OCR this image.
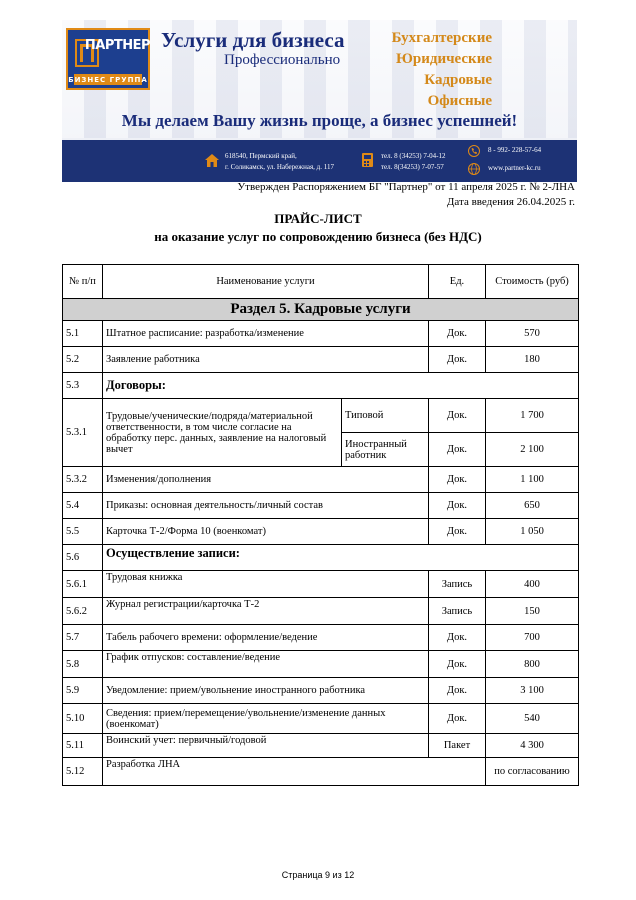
ПАРТНЕР
БИЗНЕС ГРУППА
Услуги для бизнеса
Профессионально
Бухгалтерские
Юридические
Кадровые
Офисные
Мы делаем Вашу жизнь проще, а бизнес успешней!
618540, Пермский край,
г. Соликамск, ул. Набережная, д. 117
тел. 8 (34253) 7-04-12
тел. 8(34253) 7-07-57
8 - 992- 228-57-64
www.partner-kc.ru
Утвержден Распоряжением БГ "Партнер" от 11 апреля 2025 г. № 2-ЛНА
Дата введения 26.04.2025 г.
ПРАЙС-ЛИСТ
на оказание услуг по сопровождению бизнеса (без НДС)
№ п/п	Наименование услуги		Ед.	Стоимость (руб)
Раздел 5. Кадровые услуги				
5.1	Штатное расписание: разработка/изменение		Док.	570
5.2	Заявление работника		Док.	180
5.3	Договоры:			
5.3.1	Трудовые/ученические/подряда/материальной ответственности, в том числе согласие на обработку перс. данных, заявление на налоговый вычет	Типовой	Док.	1 700
		Иностранный работник	Док.	2 100
5.3.2	Изменения/дополнения		Док.	1 100
5.4	Приказы: основная деятельность/личный состав		Док.	650
5.5	Карточка Т-2/Форма 10 (военкомат)		Док.	1 050
5.6	Осуществление записи:			
5.6.1	Трудовая книжка		Запись	400
5.6.2	Журнал регистрации/карточка Т-2		Запись	150
5.7	Табель рабочего времени: оформление/ведение		Док.	700
5.8	График отпусков: составление/ведение		Док.	800
5.9	Уведомление: прием/увольнение иностранного работника		Док.	3 100
5.10	Сведения: прием/перемещение/увольнение/изменение данных (военкомат)		Док.	540
5.11	Воинский учет: первичный/годовой		Пакет	4 300
5.12	Разработка ЛНА			по согласованию
Страница 9 из 12
